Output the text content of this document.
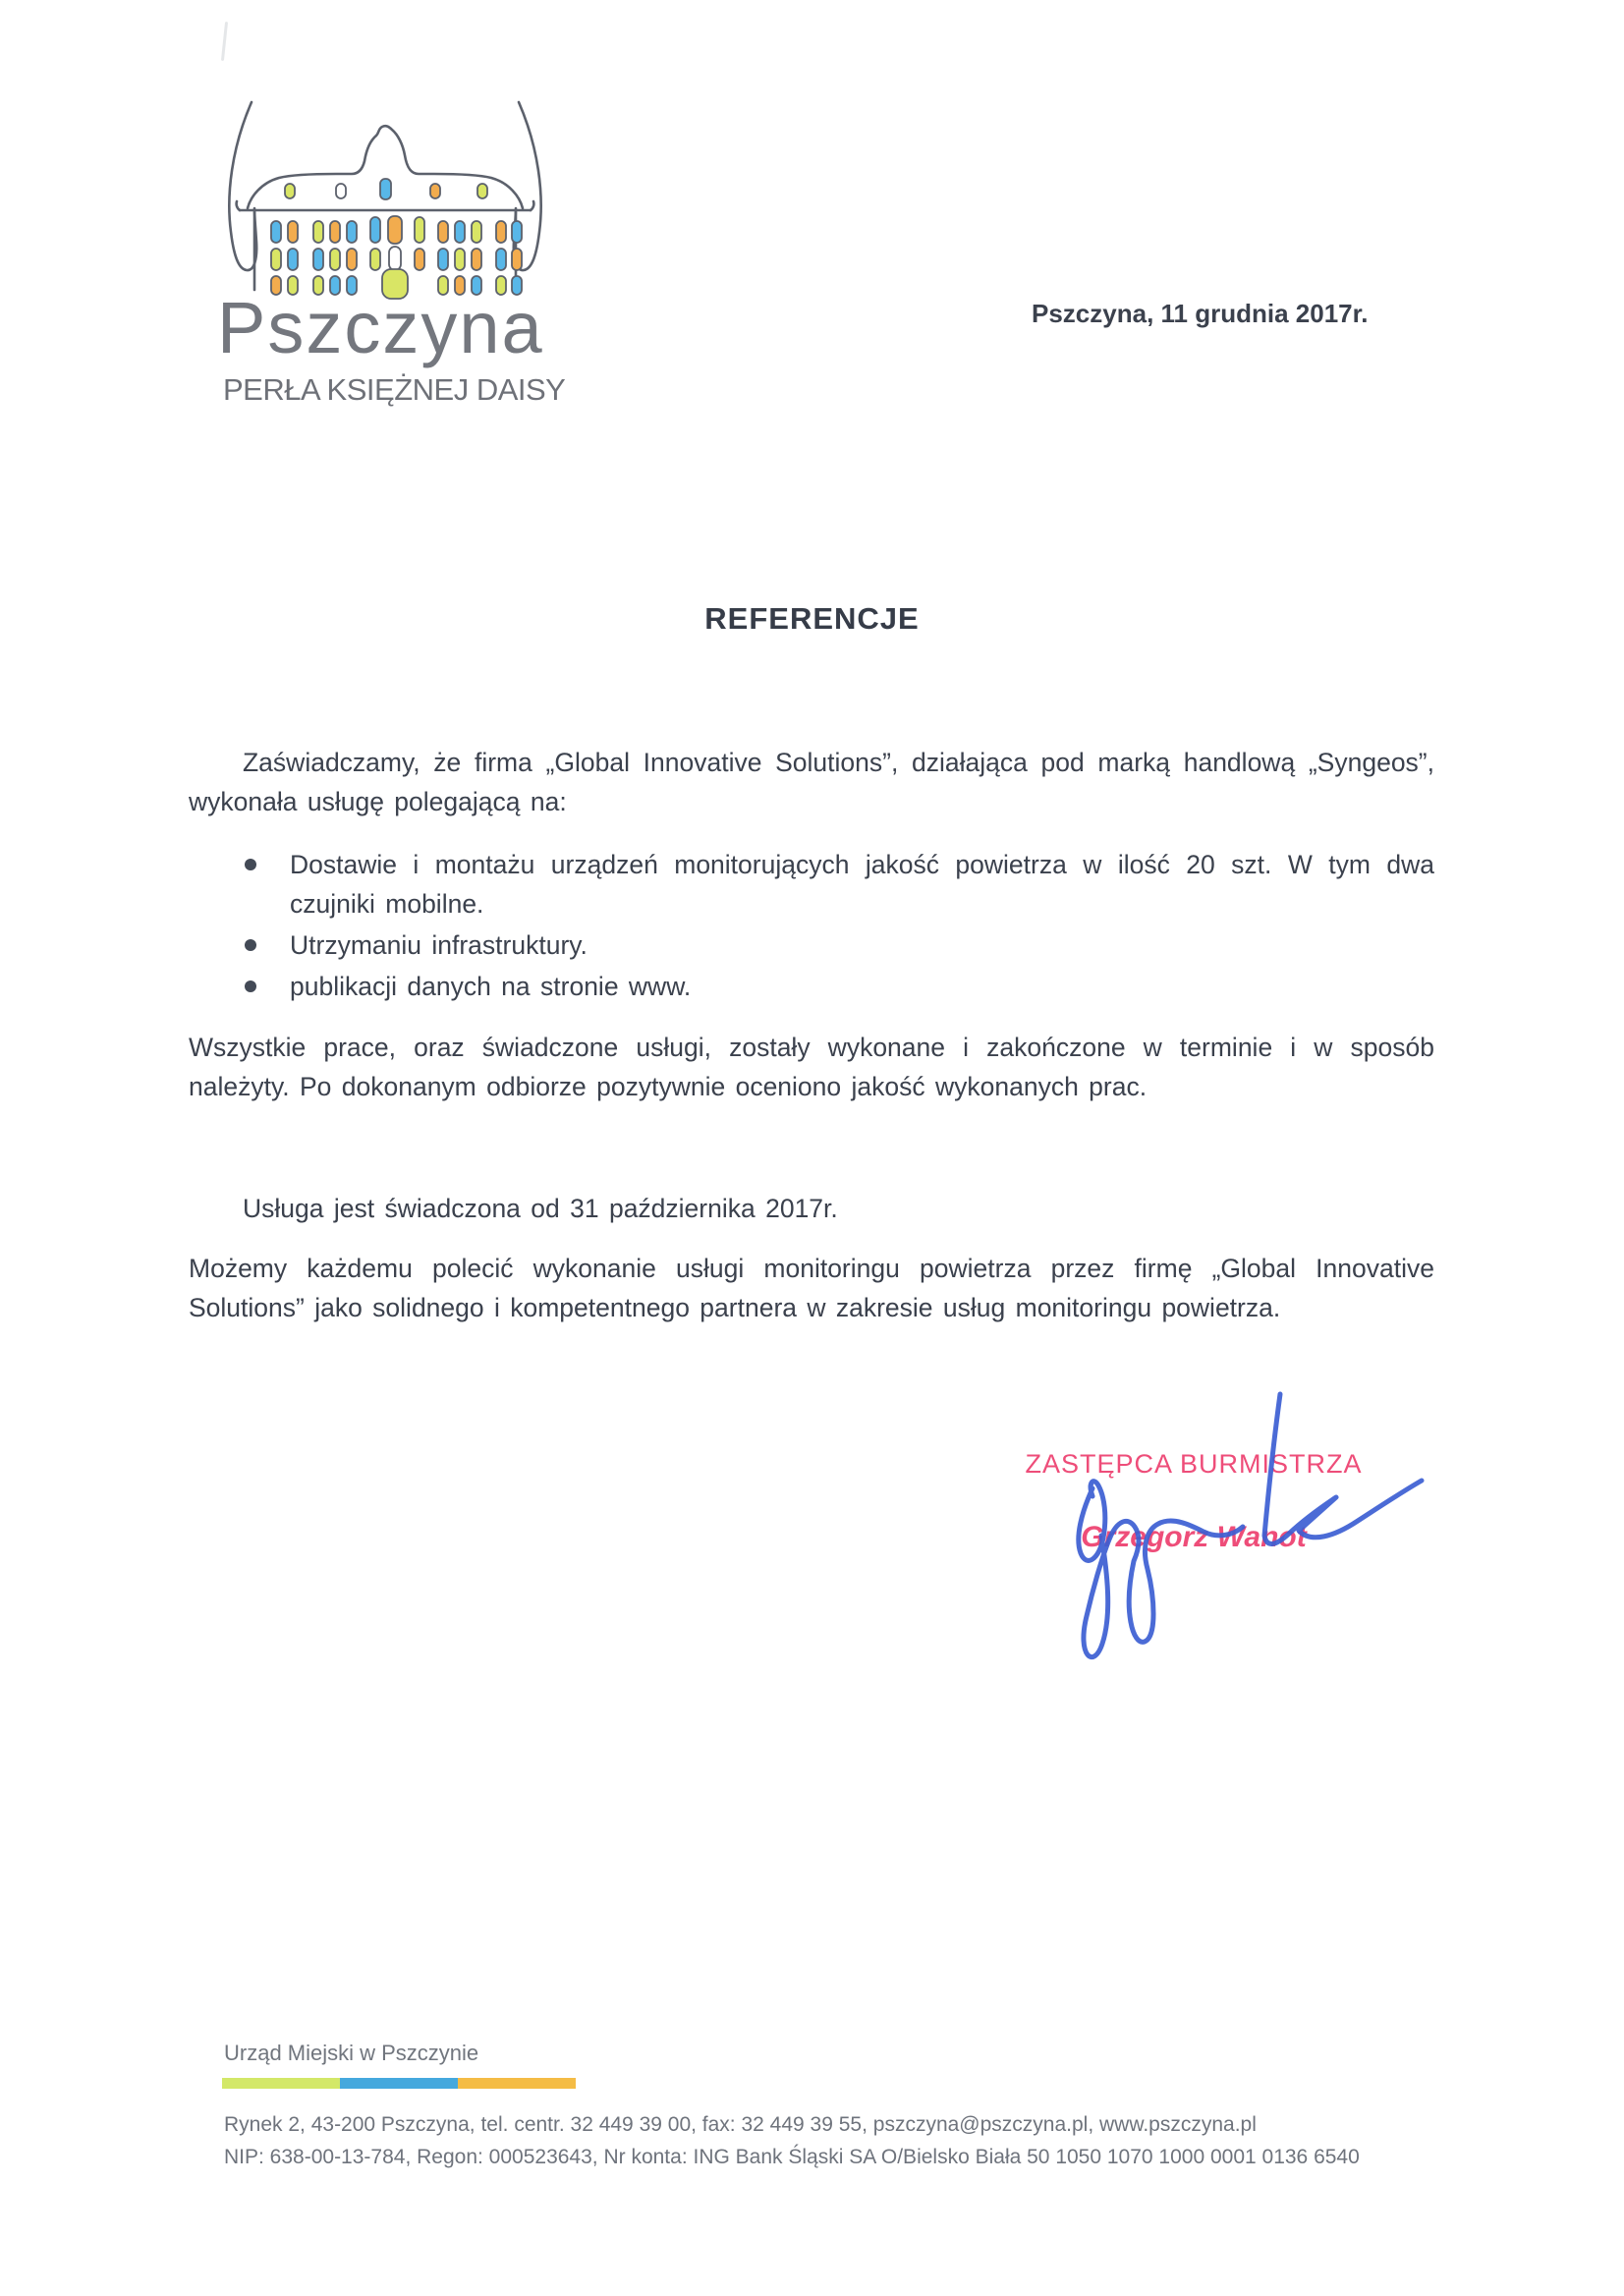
Pszczyna
PERŁA KSIĘŻNEJ DAISY
Pszczyna, 11 grudnia 2017r.
REFERENCJE

Zaświadczamy, że firma „Global Innovative Solutions”, działająca pod marką handlową „Syngeos”, wykonała usługę polegającą na:

Dostawie i montażu urządzeń monitorujących jakość powietrza w ilość 20 szt. W tym dwa czujniki mobilne.
Utrzymaniu infrastruktury.
publikacji danych na stronie www.

Wszystkie prace, oraz świadczone usługi, zostały wykonane i zakończone w terminie i w sposób należyty. Po dokonanym odbiorze pozytywnie oceniono jakość wykonanych prac.

Usługa jest świadczona od 31 października 2017r.

Możemy każdemu polecić wykonanie usługi monitoringu powietrza przez firmę „Global Innovative Solutions” jako solidnego i kompetentnego partnera w zakresie usług monitoringu powietrza.

ZASTĘPCA BURMISTRZA
Grzegorz Wanot
Urząd Miejski w Pszczynie
Rynek 2, 43-200 Pszczyna, tel. centr. 32 449 39 00, fax: 32 449 39 55, pszczyna@pszczyna.pl, www.pszczyna.pl
NIP: 638-00-13-784, Regon: 000523643, Nr konta: ING Bank Śląski SA O/Bielsko Biała 50 1050 1070 1000 0001 0136 6540
